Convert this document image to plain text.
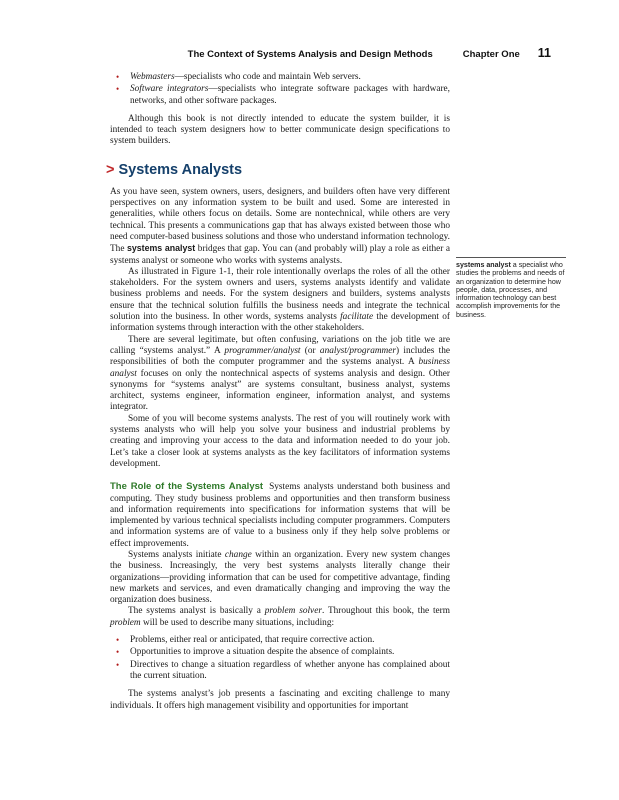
The Context of Systems Analysis and Design Methods	Chapter One 11
• Webmasters—specialists who code and maintain Web servers.
• Software integrators—specialists who integrate software packages with hardware, networks, and other software packages.

Although this book is not directly intended to educate the system builder, it is intended to teach system designers how to better communicate design specifications to system builders.

> Systems Analysts

As you have seen, system owners, users, designers, and builders often have very different perspectives on any information system to be built and used. Some are interested in generalities, while others focus on details. Some are nontechnical, while others are very technical. This presents a communications gap that has always existed between those who need computer-based business solutions and those who understand information technology. The systems analyst bridges that gap. You can (and probably will) play a role as either a systems analyst or someone who works with systems analysts.

As illustrated in Figure 1-1, their role intentionally overlaps the roles of all the other stakeholders. For the system owners and users, systems analysts identify and validate business problems and needs. For the system designers and builders, systems analysts ensure that the technical solution fulfills the business needs and integrate the technical solution into the business. In other words, systems analysts facilitate the development of information systems through interaction with the other stakeholders.

There are several legitimate, but often confusing, variations on the job title we are calling “systems analyst.” A programmer/analyst (or analyst/programmer) includes the responsibilities of both the computer programmer and the systems analyst. A business analyst focuses on only the nontechnical aspects of systems analysis and design. Other synonyms for “systems analyst” are systems consultant, business analyst, systems architect, systems engineer, information engineer, information analyst, and systems integrator.

Some of you will become systems analysts. The rest of you will routinely work with systems analysts who will help you solve your business and industrial problems by creating and improving your access to the data and information needed to do your job. Let’s take a closer look at systems analysts as the key facilitators of information systems development.

The Role of the Systems Analyst Systems analysts understand both business and computing. They study business problems and opportunities and then transform business and information requirements into specifications for information systems that will be implemented by various technical specialists including computer programmers. Computers and information systems are of value to a business only if they help solve problems or effect improvements.

Systems analysts initiate change within an organization. Every new system changes the business. Increasingly, the very best systems analysts literally change their organizations—providing information that can be used for competitive advantage, finding new markets and services, and even dramatically changing and improving the way the organization does business.

The systems analyst is basically a problem solver. Throughout this book, the term problem will be used to describe many situations, including:

• Problems, either real or anticipated, that require corrective action.
• Opportunities to improve a situation despite the absence of complaints.
• Directives to change a situation regardless of whether anyone has complained about the current situation.

The systems analyst’s job presents a fascinating and exciting challenge to many individuals. It offers high management visibility and opportunities for important

systems analyst a specialist who studies the problems and needs of an organization to determine how people, data, processes, and information technology can best accomplish improvements for the business.
